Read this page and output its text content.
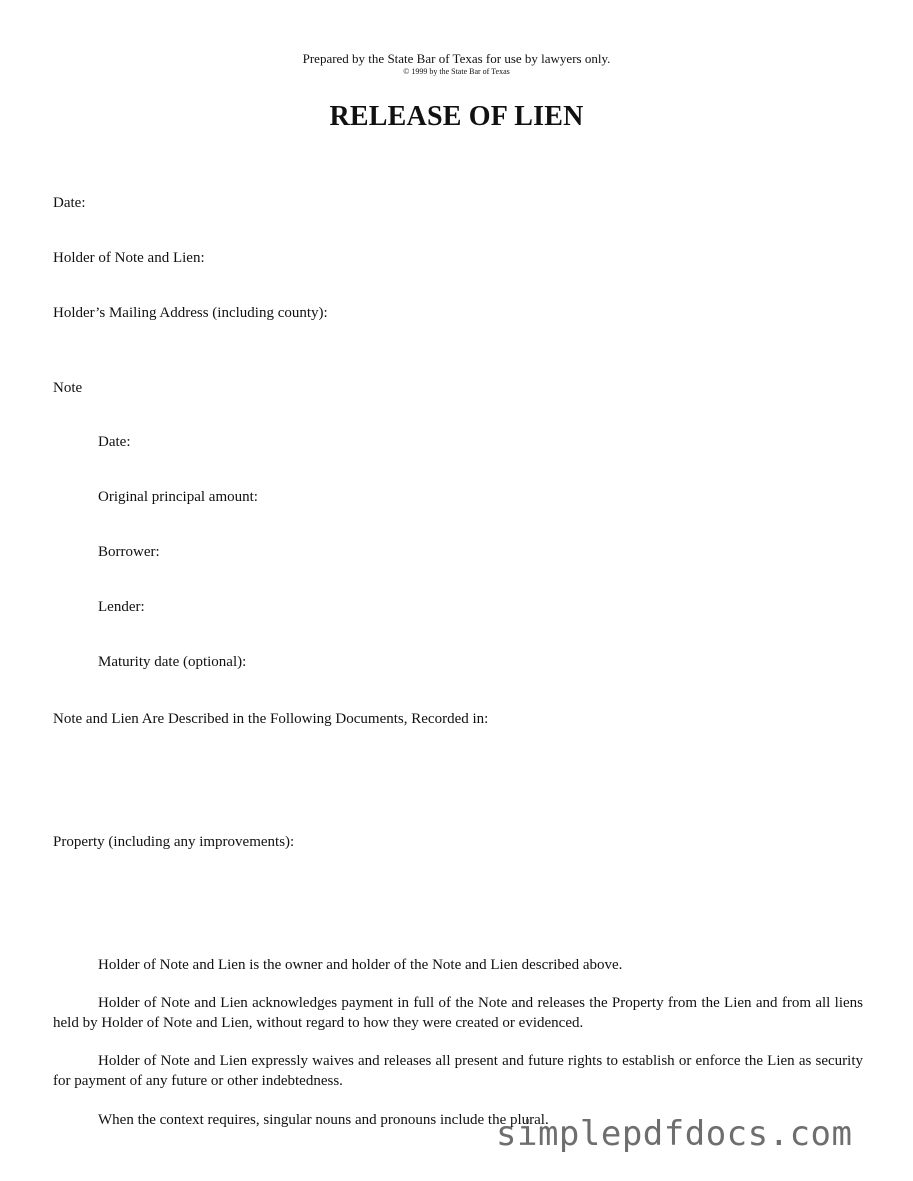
Prepared by the State Bar of Texas for use by lawyers only.
© 1999 by the State Bar of Texas
RELEASE OF LIEN
Date:
Holder of Note and Lien:
Holder’s Mailing Address (including county):
Note
Date:
Original principal amount:
Borrower:
Lender:
Maturity date (optional):
Note and Lien Are Described in the Following Documents, Recorded in:
Property (including any improvements):
Holder of Note and Lien is the owner and holder of the Note and Lien described above.
Holder of Note and Lien acknowledges payment in full of the Note and releases the Property from the Lien and from all liens held by Holder of Note and Lien, without regard to how they were created or evidenced.
Holder of Note and Lien expressly waives and releases all present and future rights to establish or enforce the Lien as security for payment of any future or other indebtedness.
When the context requires, singular nouns and pronouns include the plural.
simplepdfdocs.com
